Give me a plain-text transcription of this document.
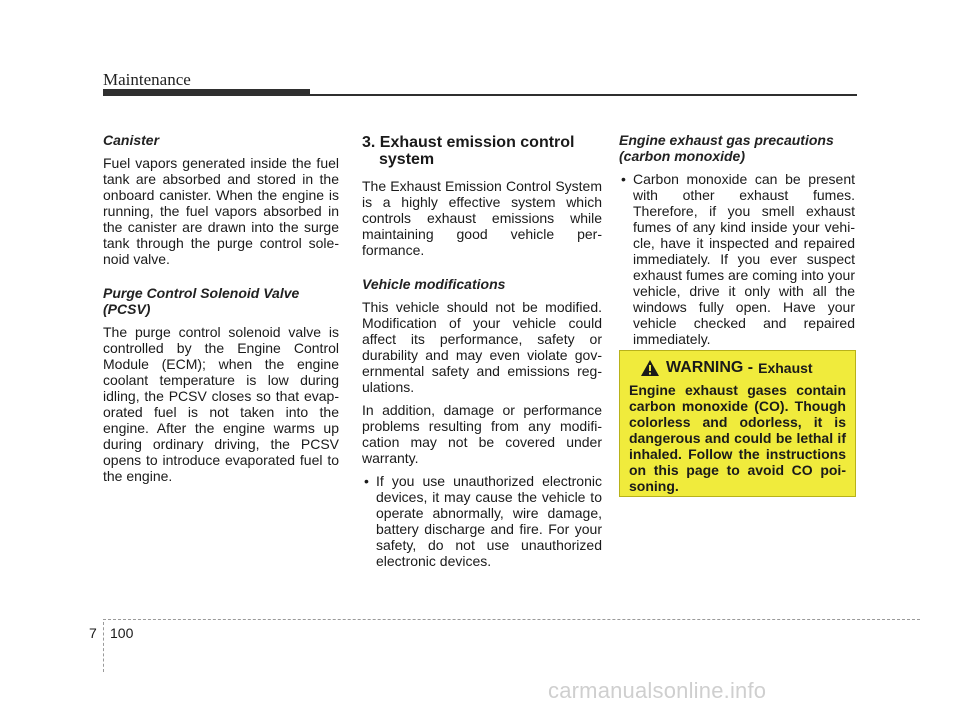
Maintenance
Canister

Fuel vapors generated inside the fuel tank are absorbed and stored in the onboard canister. When the engine is running, the fuel vapors absorbed in the canister are drawn into the surge tank through the purge control sole- noid valve.

Purge Control Solenoid Valve
(PCSV)

The purge control solenoid valve is controlled by the Engine Control Module (ECM); when the engine coolant temperature is low during idling, the PCSV closes so that evap- orated fuel is not taken into the engine. After the engine warms up during ordinary driving, the PCSV opens to introduce evaporated fuel to the engine.

3. Exhaust emission control system

The Exhaust Emission Control System is a highly effective system which controls exhaust emissions while maintaining good vehicle per- formance.

Vehicle modifications

This vehicle should not be modified. Modification of your vehicle could affect its performance, safety or durability and may even violate gov- ernmental safety and emissions reg- ulations.

In addition, damage or performance problems resulting from any modifi- cation may not be covered under warranty.

• If you use unauthorized electronic devices, it may cause the vehicle to operate abnormally, wire damage, battery discharge and fire. For your safety, do not use unauthorized electronic devices.
Engine exhaust gas precautions
(carbon monoxide)
• Carbon monoxide can be present with other exhaust fumes. Therefore, if you smell exhaust fumes of any kind inside your vehi- cle, have it inspected and repaired immediately. If you ever suspect exhaust fumes are coming into your vehicle, drive it only with all the windows fully open. Have your vehicle checked and repaired immediately.
WARNING - Exhaust

Engine exhaust gases contain carbon monoxide (CO). Though colorless and odorless, it is dangerous and could be lethal if inhaled. Follow the instructions on this page to avoid CO poi- soning.

7 100
carmanualsonline.info
